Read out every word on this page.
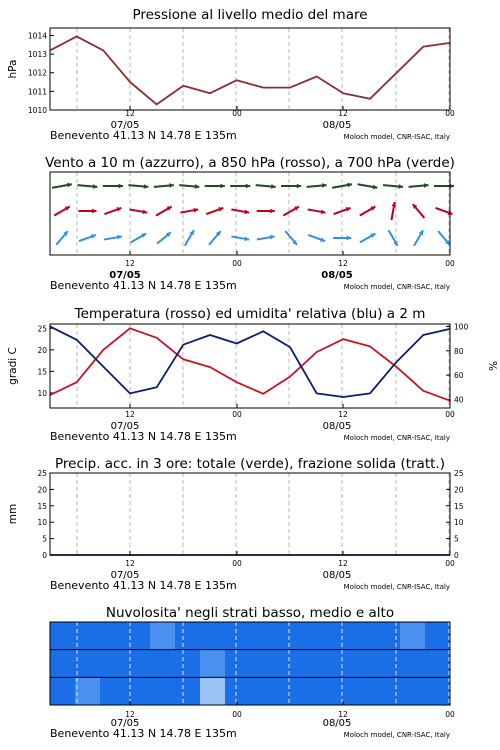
Pressione al livello medio del mare
1010
1011
1012
1013
1014
hPa
12	00	12	00
07/05	08/05
Benevento 41.13 N 14.78 E 135m	Moloch model, CNR-ISAC, Italy
Vento a 10 m (azzurro), a 850 hPa (rosso), a 700 hPa (verde)
12	00	12	00
07/05	08/05
Benevento 41.13 N 14.78 E 135m	Moloch model, CNR-ISAC, Italy
Temperatura (rosso) ed umidita' relativa (blu) a 2 m
10
15
20
25
40
60
80
100
gradi C	%
12	00	12	00
07/05	08/05
Benevento 41.13 N 14.78 E 135m	Moloch model, CNR-ISAC, Italy
Precip. acc. in 3 ore: totale (verde), frazione solida (tratt.)
0
5
10
15
20
25
0
5
10
15
20
25
mm
12	00	12	00
07/05	08/05
Benevento 41.13 N 14.78 E 135m	Moloch model, CNR-ISAC, Italy
Nuvolosita' negli strati basso, medio e alto
12	00	12	00
07/05	08/05
Benevento 41.13 N 14.78 E 135m	Moloch model, CNR-ISAC, Italy
